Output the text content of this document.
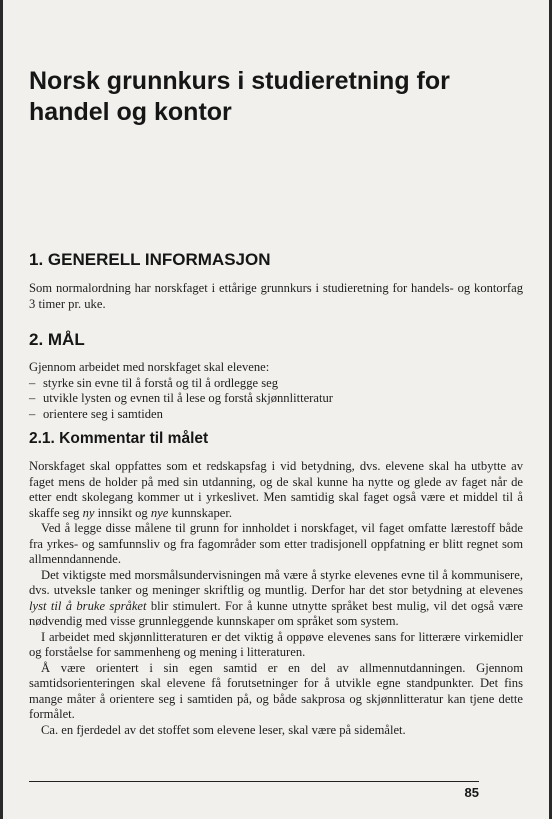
Norsk grunnkurs i studieretning for handel og kontor
1. GENERELL INFORMASJON

Som normalordning har norskfaget i ettårige grunnkurs i studieretning for handels- og kontorfag 3 timer pr. uke.

2. MÅL

Gjennom arbeidet med norskfaget skal elevene:

– styrke sin evne til å forstå og til å ordlegge seg
– utvikle lysten og evnen til å lese og forstå skjønnlitteratur
– orientere seg i samtiden
2.1. Kommentar til målet

Norskfaget skal oppfattes som et redskapsfag i vid betydning, dvs. elevene skal ha utbytte av faget mens de holder på med sin utdanning, og de skal kunne ha nytte og glede av faget når de etter endt skolegang kommer ut i yrkeslivet. Men samtidig skal faget også være et middel til å skaffe seg ny innsikt og nye kunnskaper.

Ved å legge disse målene til grunn for innholdet i norskfaget, vil faget omfatte lærestoff både fra yrkes- og samfunnsliv og fra fagområder som etter tradisjonell oppfatning er blitt regnet som allmenndannende.

Det viktigste med morsmålsundervisningen må være å styrke elevenes evne til å kommunisere, dvs. utveksle tanker og meninger skriftlig og muntlig. Derfor har det stor betydning at elevenes lyst til å bruke språket blir stimulert. For å kunne utnytte språket best mulig, vil det også være nødvendig med visse grunnleggende kunnskaper om språket som system.

I arbeidet med skjønnlitteraturen er det viktig å oppøve elevenes sans for litterære virkemidler og forståelse for sammenheng og mening i litteraturen.

Å være orientert i sin egen samtid er en del av allmennutdanningen. Gjennom samtidsorienteringen skal elevene få forutsetninger for å utvikle egne standpunkter. Det fins mange måter å orientere seg i samtiden på, og både sakprosa og skjønnlitteratur kan tjene dette formålet.

Ca. en fjerdedel av det stoffet som elevene leser, skal være på sidemålet.

85
